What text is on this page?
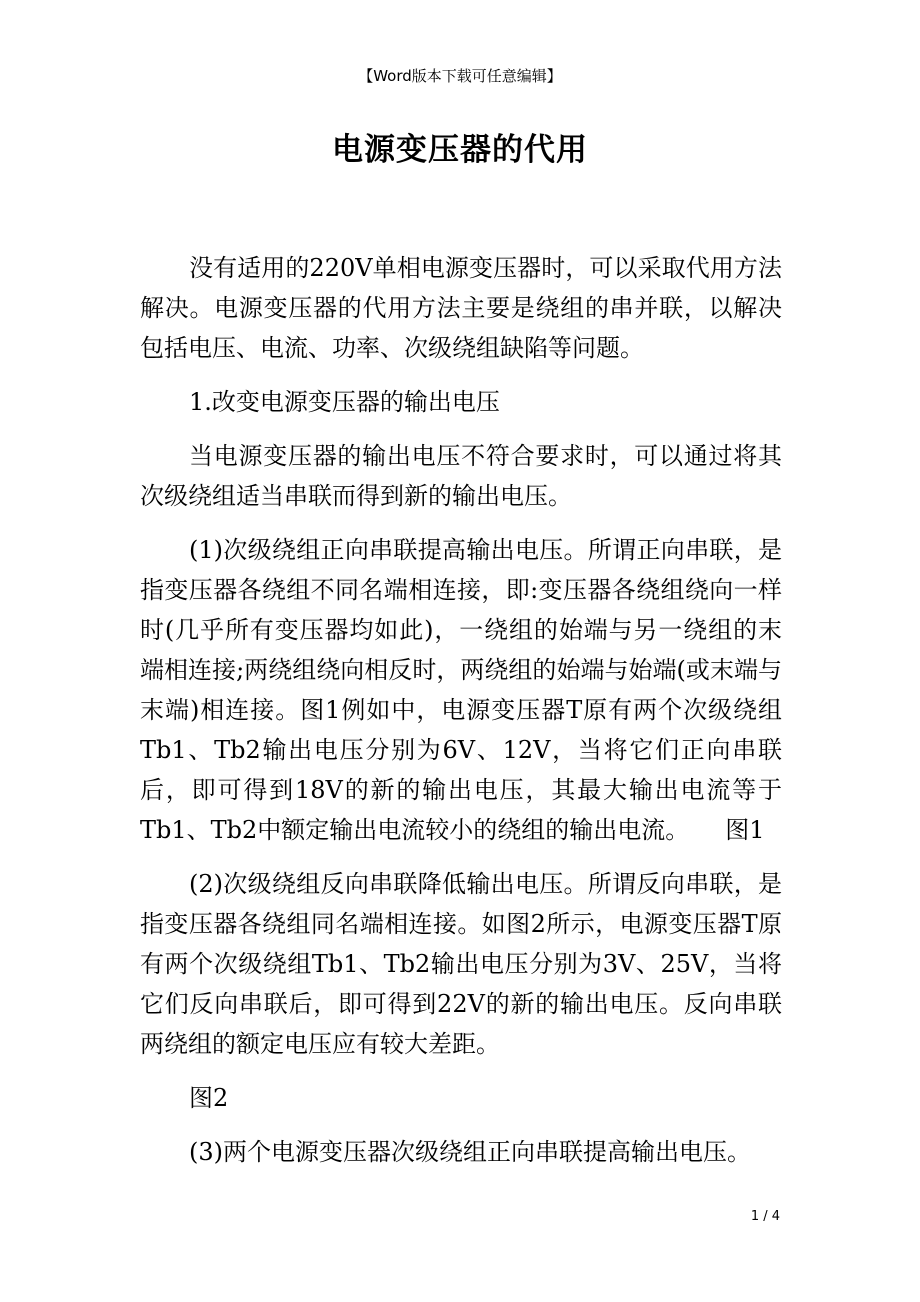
【Word版本下载可任意编辑】
电源变压器的代用

没有适用的220V单相电源变压器时，可以采取代用方法解决。电源变压器的代用方法主要是绕组的串并联，以解决包括电压、电流、功率、次级绕组缺陷等问题。

1.改变电源变压器的输出电压

当电源变压器的输出电压不符合要求时，可以通过将其次级绕组适当串联而得到新的输出电压。

(1)次级绕组正向串联提高输出电压。所谓正向串联，是指变压器各绕组不同名端相连接，即:变压器各绕组绕向一样时(几乎所有变压器均如此)，一绕组的始端与另一绕组的末端相连接;两绕组绕向相反时，两绕组的始端与始端(或末端与末端)相连接。图1例如中，电源变压器T原有两个次级绕组Tb1、Tb2输出电压分别为6V、12V，当将它们正向串联后，即可得到18V的新的输出电压，其最大输出电流等于Tb1、Tb2中额定输出电流较小的绕组的输出电流。　　图1

(2)次级绕组反向串联降低输出电压。所谓反向串联，是指变压器各绕组同名端相连接。如图2所示，电源变压器T原有两个次级绕组Tb1、Tb2输出电压分别为3V、25V，当将它们反向串联后，即可得到22V的新的输出电压。反向串联两绕组的额定电压应有较大差距。

图2

(3)两个电源变压器次级绕组正向串联提高输出电压。

1 / 4
